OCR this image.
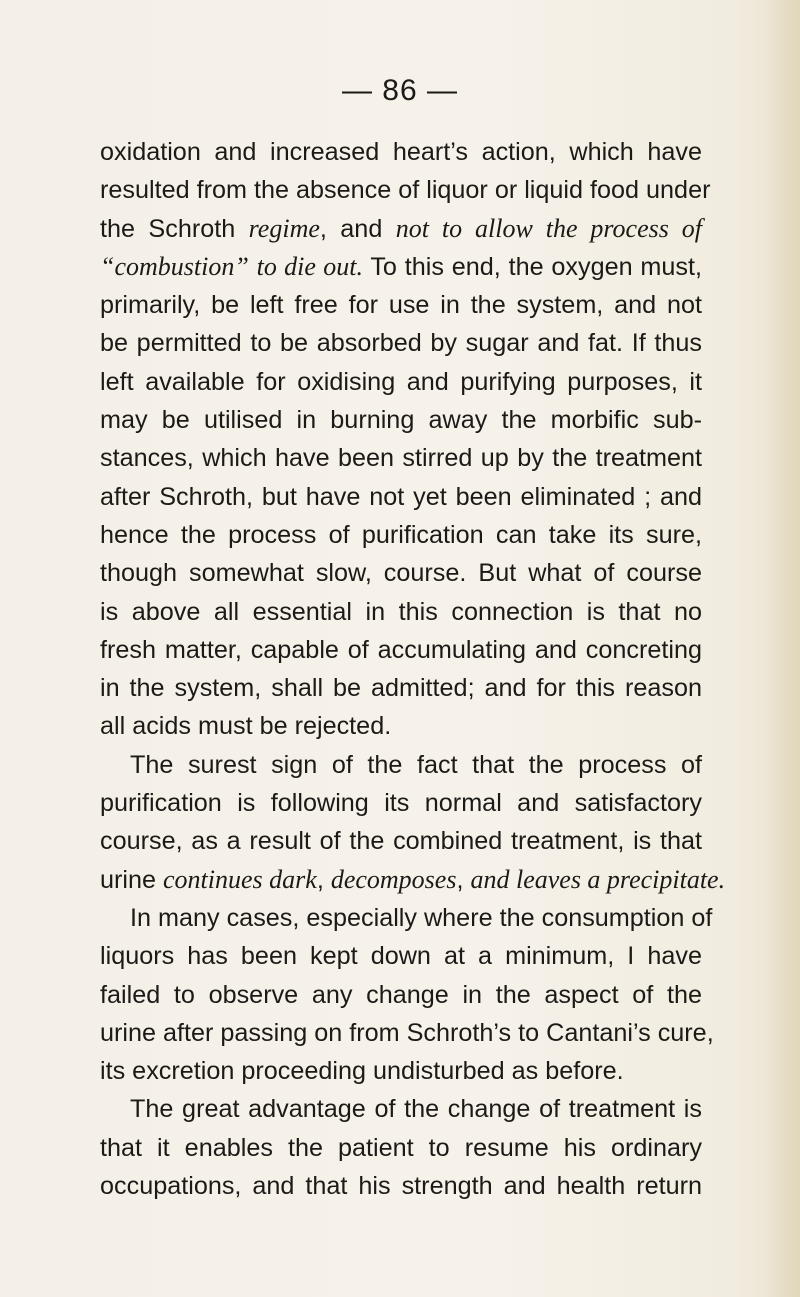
— 86 —
oxidation and increased heart’s action, which have
resulted from the absence of liquor or liquid food under
the Schroth regime, and not to allow the process of
“combustion” to die out. To this end, the oxygen must,
primarily, be left free for use in the system, and not
be permitted to be absorbed by sugar and fat. If thus
left available for oxidising and purifying purposes, it
may be utilised in burning away the morbific sub-
stances, which have been stirred up by the treatment
after Schroth, but have not yet been eliminated ; and
hence the process of purification can take its sure,
though somewhat slow, course. But what of course
is above all essential in this connection is that no
fresh matter, capable of accumulating and concreting
in the system, shall be admitted; and for this reason
all acids must be rejected.
The surest sign of the fact that the process of
purification is following its normal and satisfactory
course, as a result of the combined treatment, is that
urine continues dark, decomposes, and leaves a precipitate.
In many cases, especially where the consumption of
liquors has been kept down at a minimum, I have
failed to observe any change in the aspect of the
urine after passing on from Schroth’s to Cantani’s cure,
its excretion proceeding undisturbed as before.
The great advantage of the change of treatment is
that it enables the patient to resume his ordinary
occupations, and that his strength and health return
